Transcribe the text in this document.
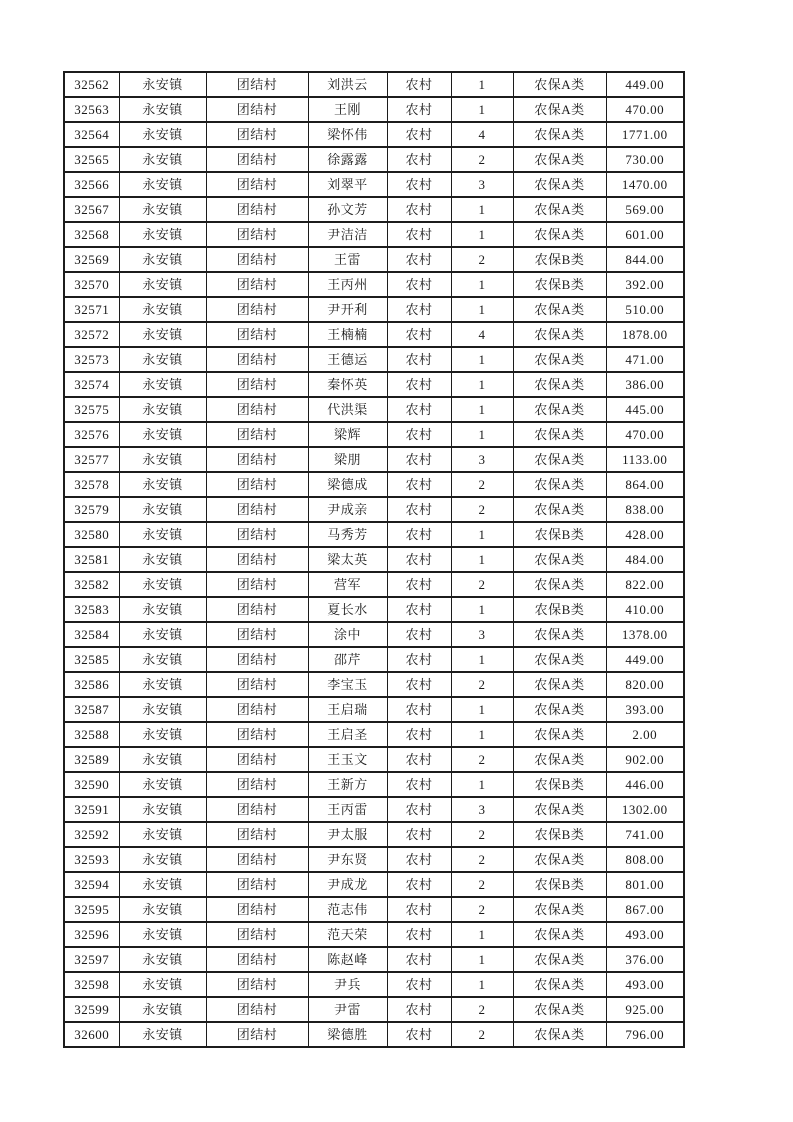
32562	永安镇	团结村	刘洪云	农村	1	农保A类	449.00
32563	永安镇	团结村	王刚	农村	1	农保A类	470.00
32564	永安镇	团结村	梁怀伟	农村	4	农保A类	1771.00
32565	永安镇	团结村	徐露露	农村	2	农保A类	730.00
32566	永安镇	团结村	刘翠平	农村	3	农保A类	1470.00
32567	永安镇	团结村	孙文芳	农村	1	农保A类	569.00
32568	永安镇	团结村	尹洁洁	农村	1	农保A类	601.00
32569	永安镇	团结村	王雷	农村	2	农保B类	844.00
32570	永安镇	团结村	王丙州	农村	1	农保B类	392.00
32571	永安镇	团结村	尹开利	农村	1	农保A类	510.00
32572	永安镇	团结村	王楠楠	农村	4	农保A类	1878.00
32573	永安镇	团结村	王德运	农村	1	农保A类	471.00
32574	永安镇	团结村	秦怀英	农村	1	农保A类	386.00
32575	永安镇	团结村	代洪渠	农村	1	农保A类	445.00
32576	永安镇	团结村	梁辉	农村	1	农保A类	470.00
32577	永安镇	团结村	梁朋	农村	3	农保A类	1133.00
32578	永安镇	团结村	梁德成	农村	2	农保A类	864.00
32579	永安镇	团结村	尹成亲	农村	2	农保A类	838.00
32580	永安镇	团结村	马秀芳	农村	1	农保B类	428.00
32581	永安镇	团结村	梁太英	农村	1	农保A类	484.00
32582	永安镇	团结村	营军	农村	2	农保A类	822.00
32583	永安镇	团结村	夏长水	农村	1	农保B类	410.00
32584	永安镇	团结村	涂中	农村	3	农保A类	1378.00
32585	永安镇	团结村	邵芹	农村	1	农保A类	449.00
32586	永安镇	团结村	李宝玉	农村	2	农保A类	820.00
32587	永安镇	团结村	王启瑞	农村	1	农保A类	393.00
32588	永安镇	团结村	王启圣	农村	1	农保A类	2.00
32589	永安镇	团结村	王玉文	农村	2	农保A类	902.00
32590	永安镇	团结村	王新方	农村	1	农保B类	446.00
32591	永安镇	团结村	王丙雷	农村	3	农保A类	1302.00
32592	永安镇	团结村	尹太服	农村	2	农保B类	741.00
32593	永安镇	团结村	尹东贤	农村	2	农保A类	808.00
32594	永安镇	团结村	尹成龙	农村	2	农保B类	801.00
32595	永安镇	团结村	范志伟	农村	2	农保A类	867.00
32596	永安镇	团结村	范天荣	农村	1	农保A类	493.00
32597	永安镇	团结村	陈赵峰	农村	1	农保A类	376.00
32598	永安镇	团结村	尹兵	农村	1	农保A类	493.00
32599	永安镇	团结村	尹雷	农村	2	农保A类	925.00
32600	永安镇	团结村	梁德胜	农村	2	农保A类	796.00
